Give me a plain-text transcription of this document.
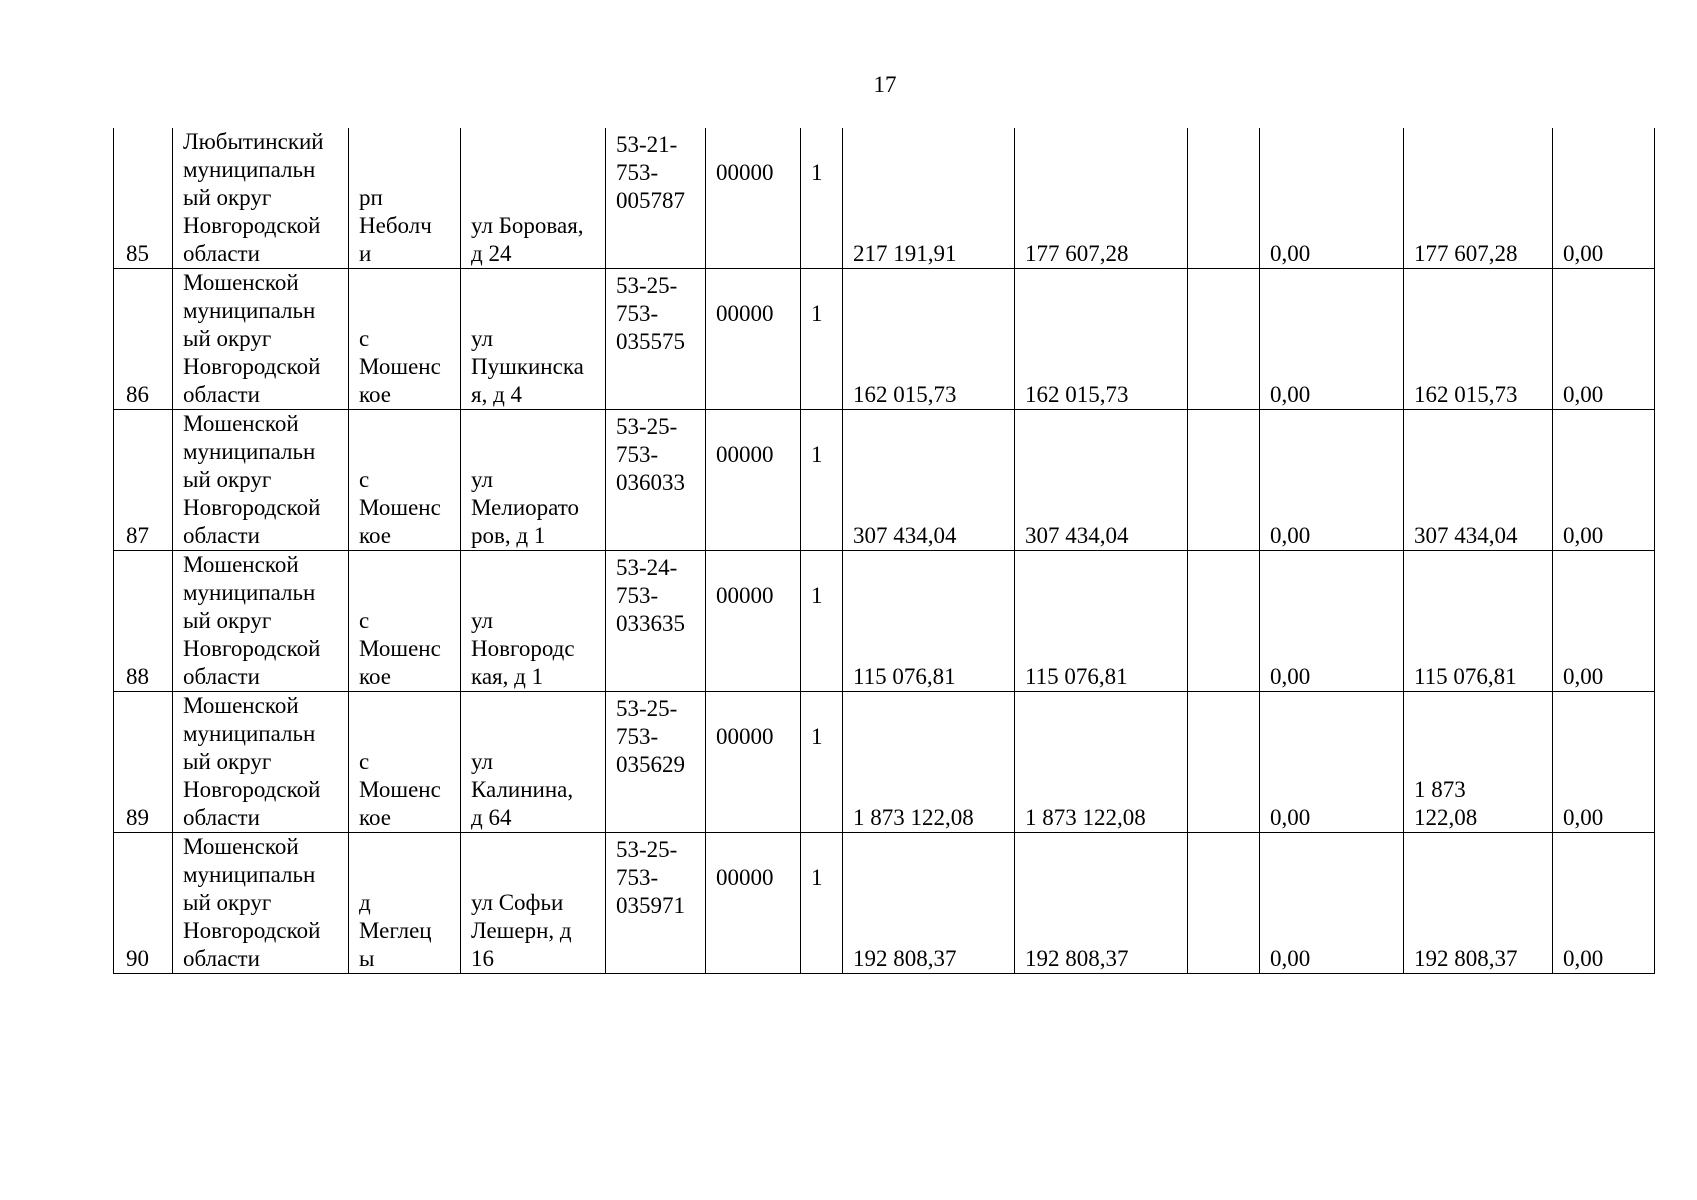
17
85	Любытинский
муниципальн
ый округ
Новгородской
области	рп
Неболч
и	ул Боровая,
д 24	53-21-
753-
005787	00000	1	217 191,91	177 607,28		0,00	177 607,28	0,00
86	Мошенской
муниципальн
ый округ
Новгородской
области	с
Мошенс
кое	ул
Пушкинска
я, д 4	53-25-
753-
035575	00000	1	162 015,73	162 015,73		0,00	162 015,73	0,00
87	Мошенской
муниципальн
ый округ
Новгородской
области	с
Мошенс
кое	ул
Мелиорато
ров, д 1	53-25-
753-
036033	00000	1	307 434,04	307 434,04		0,00	307 434,04	0,00
88	Мошенской
муниципальн
ый округ
Новгородской
области	с
Мошенс
кое	ул
Новгородс
кая, д 1	53-24-
753-
033635	00000	1	115 076,81	115 076,81		0,00	115 076,81	0,00
89	Мошенской
муниципальн
ый округ
Новгородской
области	с
Мошенс
кое	ул
Калинина,
д 64	53-25-
753-
035629	00000	1	1 873 122,08	1 873 122,08		0,00	1 873
122,08	0,00
90	Мошенской
муниципальн
ый округ
Новгородской
области	д
Меглец
ы	ул Софьи
Лешерн, д
16	53-25-
753-
035971	00000	1	192 808,37	192 808,37		0,00	192 808,37	0,00
